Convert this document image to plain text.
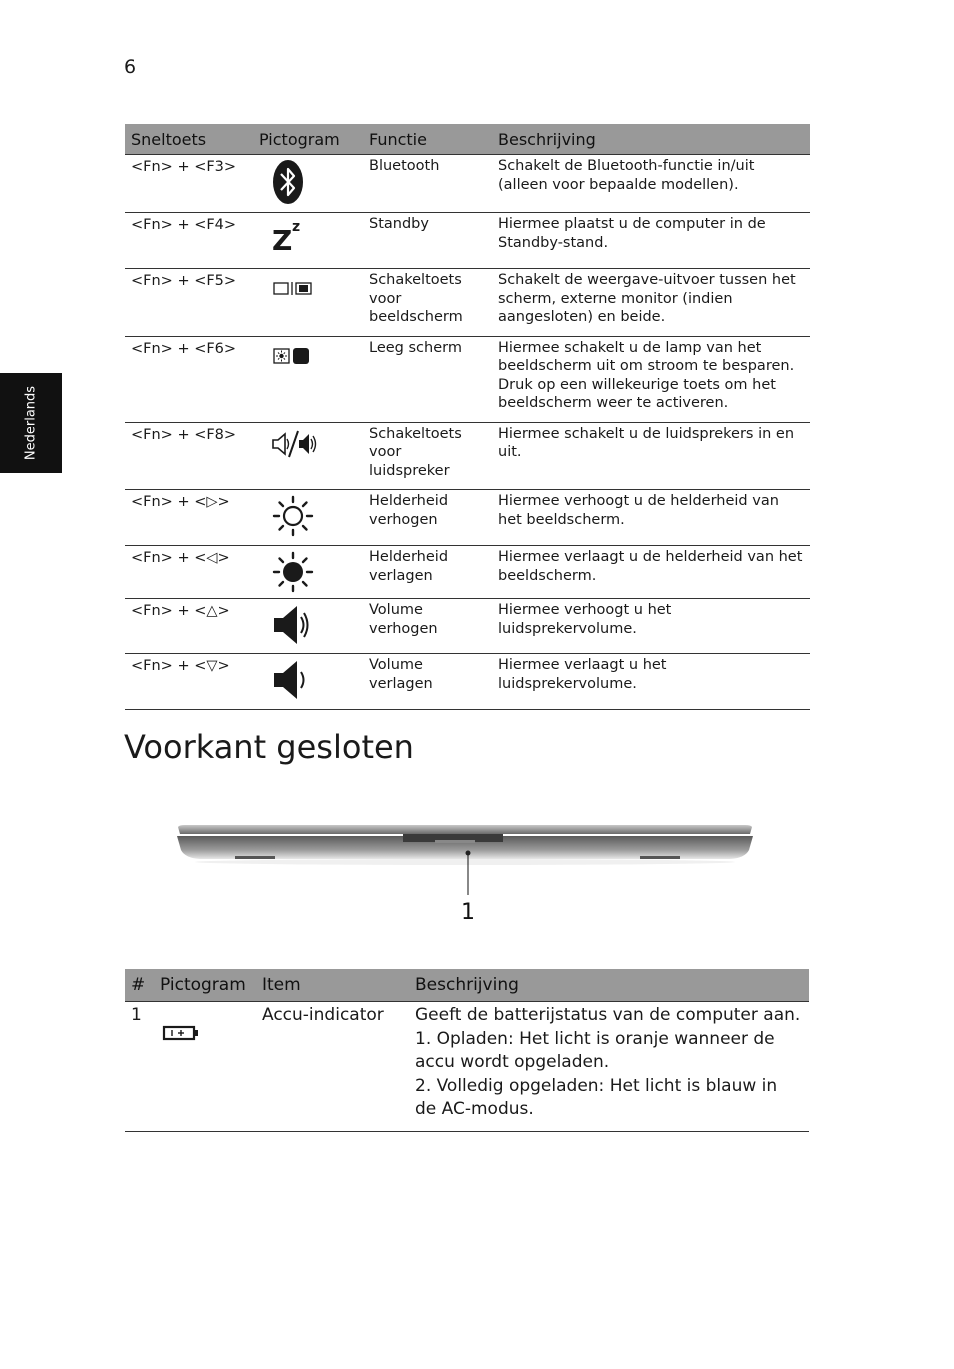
6
Nederlands
Sneltoets	Pictogram	Functie	Beschrijving
<Fn> + <F3>		Bluetooth	Schakelt de Bluetooth-functie in/uit (alleen voor bepaalde modellen).
<Fn> + <F4>	Z z	Standby	Hiermee plaatst u de computer in de Standby-stand.
<Fn> + <F5>		Schakeltoets voor beeldscherm	Schakelt de weergave-uitvoer tussen het scherm, externe monitor (indien aangesloten) en beide.
<Fn> + <F6>		Leeg scherm	Hiermee schakelt u de lamp van het beeldscherm uit om stroom te besparen. Druk op een willekeurige toets om het beeldscherm weer te activeren.
<Fn> + <F8>		Schakeltoets voor luidspreker	Hiermee schakelt u de luidsprekers in en uit.
<Fn> + <▷>		Helderheid verhogen	Hiermee verhoogt u de helderheid van het beeldscherm.
<Fn> + <◁>		Helderheid verlagen	Hiermee verlaagt u de helderheid van het beeldscherm.
<Fn> + <△>		Volume verhogen	Hiermee verhoogt u het luidsprekervolume.
<Fn> + <▽>		Volume verlagen	Hiermee verlaagt u het luidsprekervolume.
Voorkant gesloten
1
#	Pictogram	Item	Beschrijving
1		Accu-indicator	Geeft de batterijstatus van de computer aan.

1. Opladen: Het licht is oranje wanneer de accu wordt opgeladen.

2. Volledig opgeladen: Het licht is blauw in de AC-modus.
